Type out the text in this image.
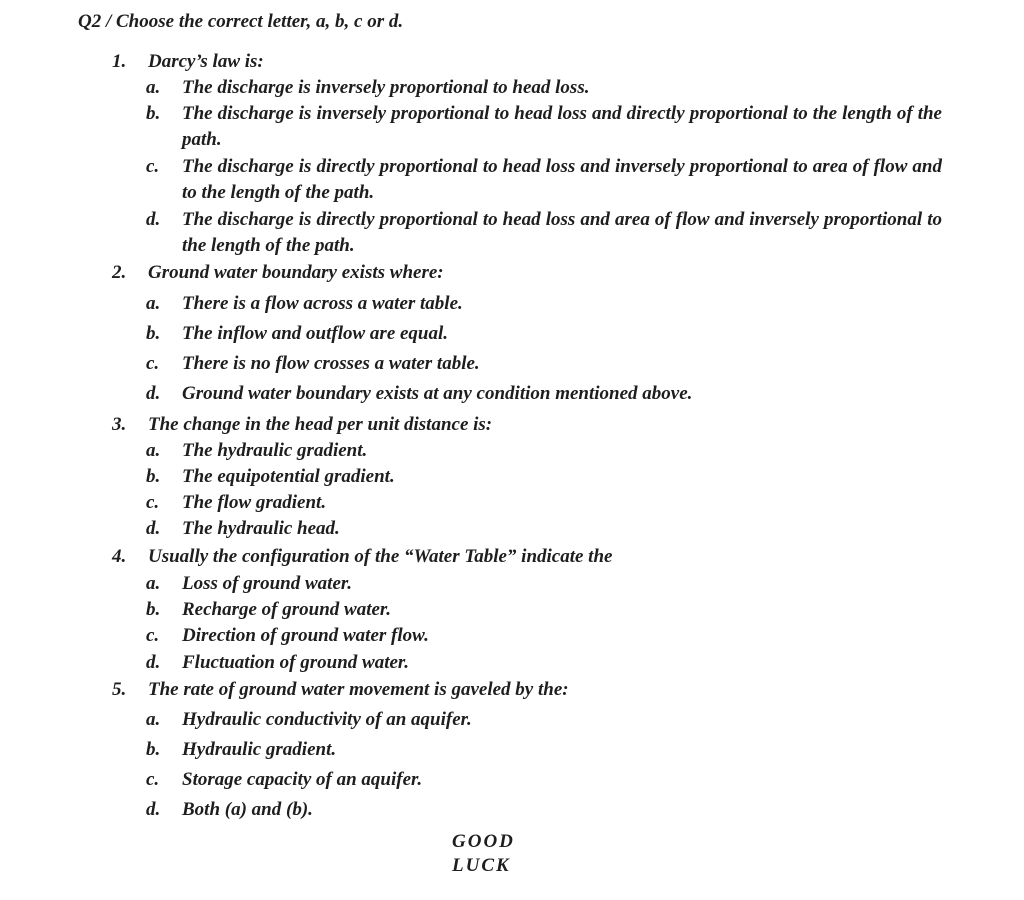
Q2 / Choose the correct letter, a, b, c or d.
1. Darcy’s law is:
a.	The discharge is inversely proportional to head loss.
b.	The discharge is inversely proportional to head loss and directly proportional to the length of the path.
c.	The discharge is directly proportional to head loss and inversely proportional to area of flow and to the length of the path.
d.	The discharge is directly proportional to head loss and area of flow and inversely proportional to the length of the path.
2. Ground water boundary exists where:
a.	There is a flow across a water table.
b.	The inflow and outflow are equal.
c.	There is no flow crosses a water table.
d.	Ground water boundary exists at any condition mentioned above.
3. The change in the head per unit distance is:
a.	The hydraulic gradient.
b.	The equipotential gradient.
c.	The flow gradient.
d.	The hydraulic head.
4. Usually the configuration of the “Water Table” indicate the
a.	Loss of ground water.
b.	Recharge of ground water.
c.	Direction of ground water flow.
d.	Fluctuation of ground water.
5. The rate of ground water movement is gaveled by the:
a.	Hydraulic conductivity of an aquifer.
b.	Hydraulic gradient.
c.	Storage capacity of an aquifer.
d.	Both (a) and (b).
GOOD LUCK
